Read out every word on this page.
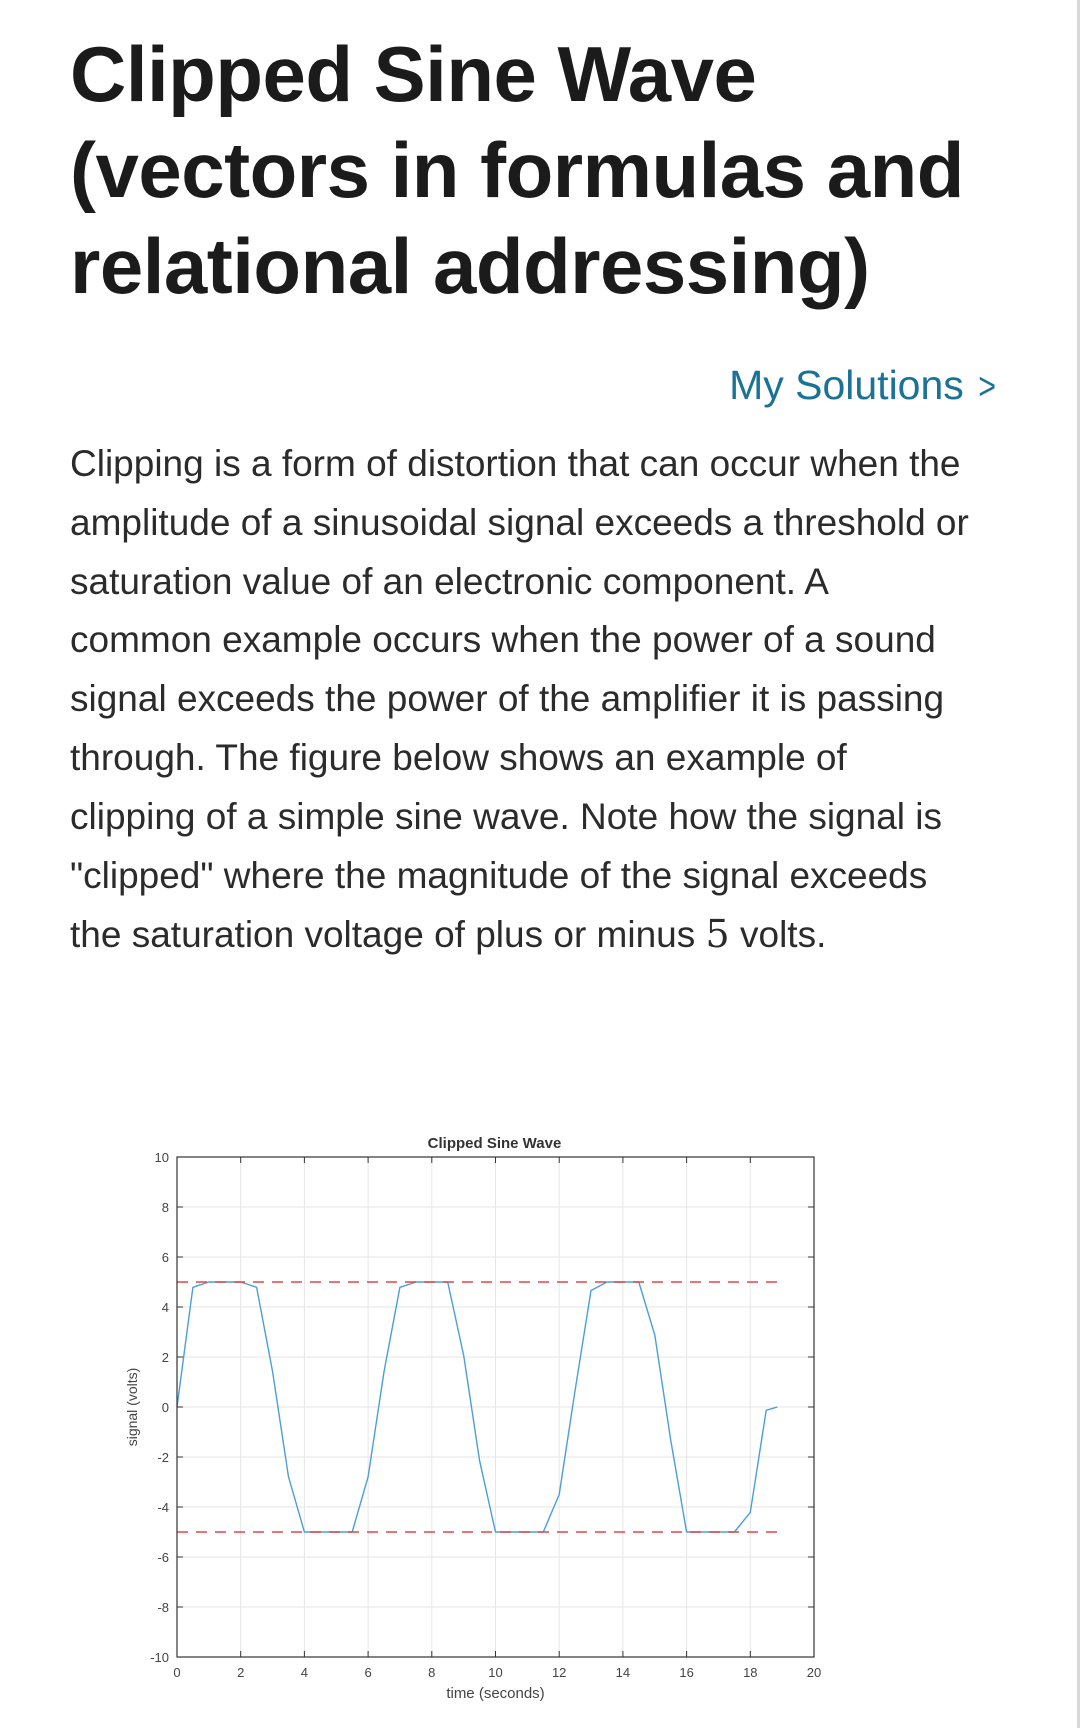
Clipped Sine Wave (vectors in formulas and relational addressing)
My Solutions >

Clipping is a form of distortion that can occur when the amplitude of a sinusoidal signal exceeds a threshold or saturation value of an electronic component. A common example occurs when the power of a sound signal exceeds the power of the amplifier it is passing through. The figure below shows an example of clipping of a simple sine wave. Note how the signal is "clipped" where the magnitude of the signal exceeds the saturation voltage of plus or minus 5 volts.

0	2	4	6	8	10	12	14	16	18	20
-10
-8
-6
-4
-2
0
2
4
6
8
10
Clipped Sine Wave
time (seconds)
signal (volts)
